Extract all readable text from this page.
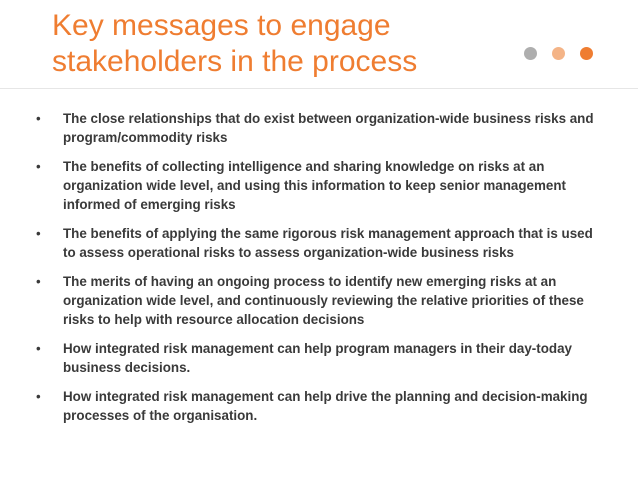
Key messages to engage
stakeholders in the process
• The close relationships that do exist between organization-wide business risks and program/commodity risks
• The benefits of collecting intelligence and sharing knowledge on risks at an organization wide level, and using this information to keep senior management informed of emerging risks
• The benefits of applying the same rigorous risk management approach that is used to assess operational risks to assess organization-wide business risks
• The merits of having an ongoing process to identify new emerging risks at an organization wide level, and continuously reviewing the relative priorities of these risks to help with resource allocation decisions
• How integrated risk management can help program managers in their day-today business decisions.
• How integrated risk management can help drive the planning and decision-making processes of the organisation.
